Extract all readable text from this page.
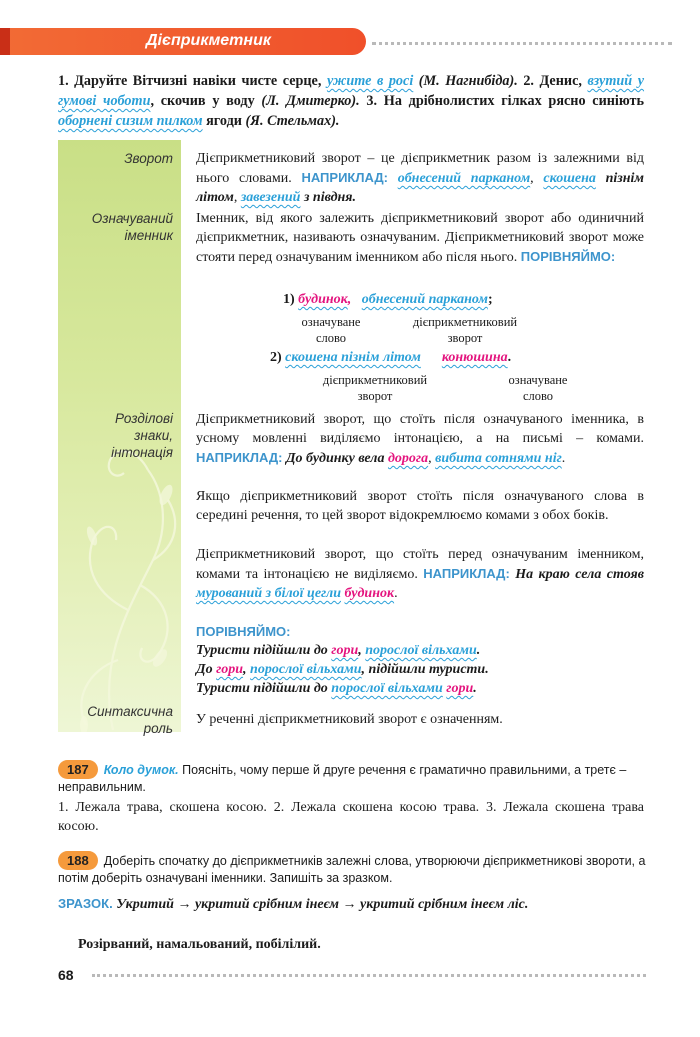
Дієприкметник
1. Даруйте Вітчизні навіки чисте серце, ужите в росі (М. Нагнибіда). 2. Денис, взутий у гумові чоботи, скочив у воду (Л. Дмитерко). 3. На дрібнолистих гілках рясно синіють оборнені сизим пилком ягоди (Я. Стельмах).
Зворот
Означуваний
іменник
Розділові
знаки,
інтонація
Синтаксична
роль
Дієприкметниковий зворот – це дієприкметник разом із залежними від нього словами. НАПРИКЛАД: обнесений парканом, скошена пізнім літом, завезений з півдня.
Іменник, від якого залежить дієприкметниковий зворот або одиничний дієприкметник, називають означуваним. Дієприкметниковий зворот може стояти перед означуваним іменником або після нього. ПОРІВНЯЙМО:
1) будинок, обнесений парканом;
означуване
слово
дієприкметниковий
зворот
2) скошена пізнім літом конюшина.
дієприкметниковий
зворот
означуване
слово
Дієприкметниковий зворот, що стоїть після означуваного іменника, в усному мовленні виділяємо інтонацією, а на письмі – комами. НАПРИКЛАД: До будинку вела дорога, вибита сотнями ніг.
Якщо дієприкметниковий зворот стоїть після означуваного слова в середині речення, то цей зворот відокремлюємо комами з обох боків.
Дієприкметниковий зворот, що стоїть перед означуваним іменником, комами та інтонацією не виділяємо. НАПРИКЛАД: На краю села стояв мурований з білої цегли будинок.
ПОРІВНЯЙМО:
Туристи підійшли до гори, порослої вільхами.
До гори, порослої вільхами, підійшли туристи.
Туристи підійшли до порослої вільхами гори.
У реченні дієприкметниковий зворот є означенням.
187 Коло думок. Поясніть, чому перше й друге речення є граматично правильними, а третє – неправильним.
1. Лежала трава, скошена косою. 2. Лежала скошена косою трава. 3. Лежала скошена трава косою.
188 Доберіть спочатку до дієприкметників залежні слова, утворюючи дієприкметникові звороти, а потім доберіть означувані іменники. Запишіть за зразком.
ЗРАЗОК. Укритий → укритий срібним інеєм → укритий срібним інеєм ліс.
Розірваний, намальований, побілілий.
68
